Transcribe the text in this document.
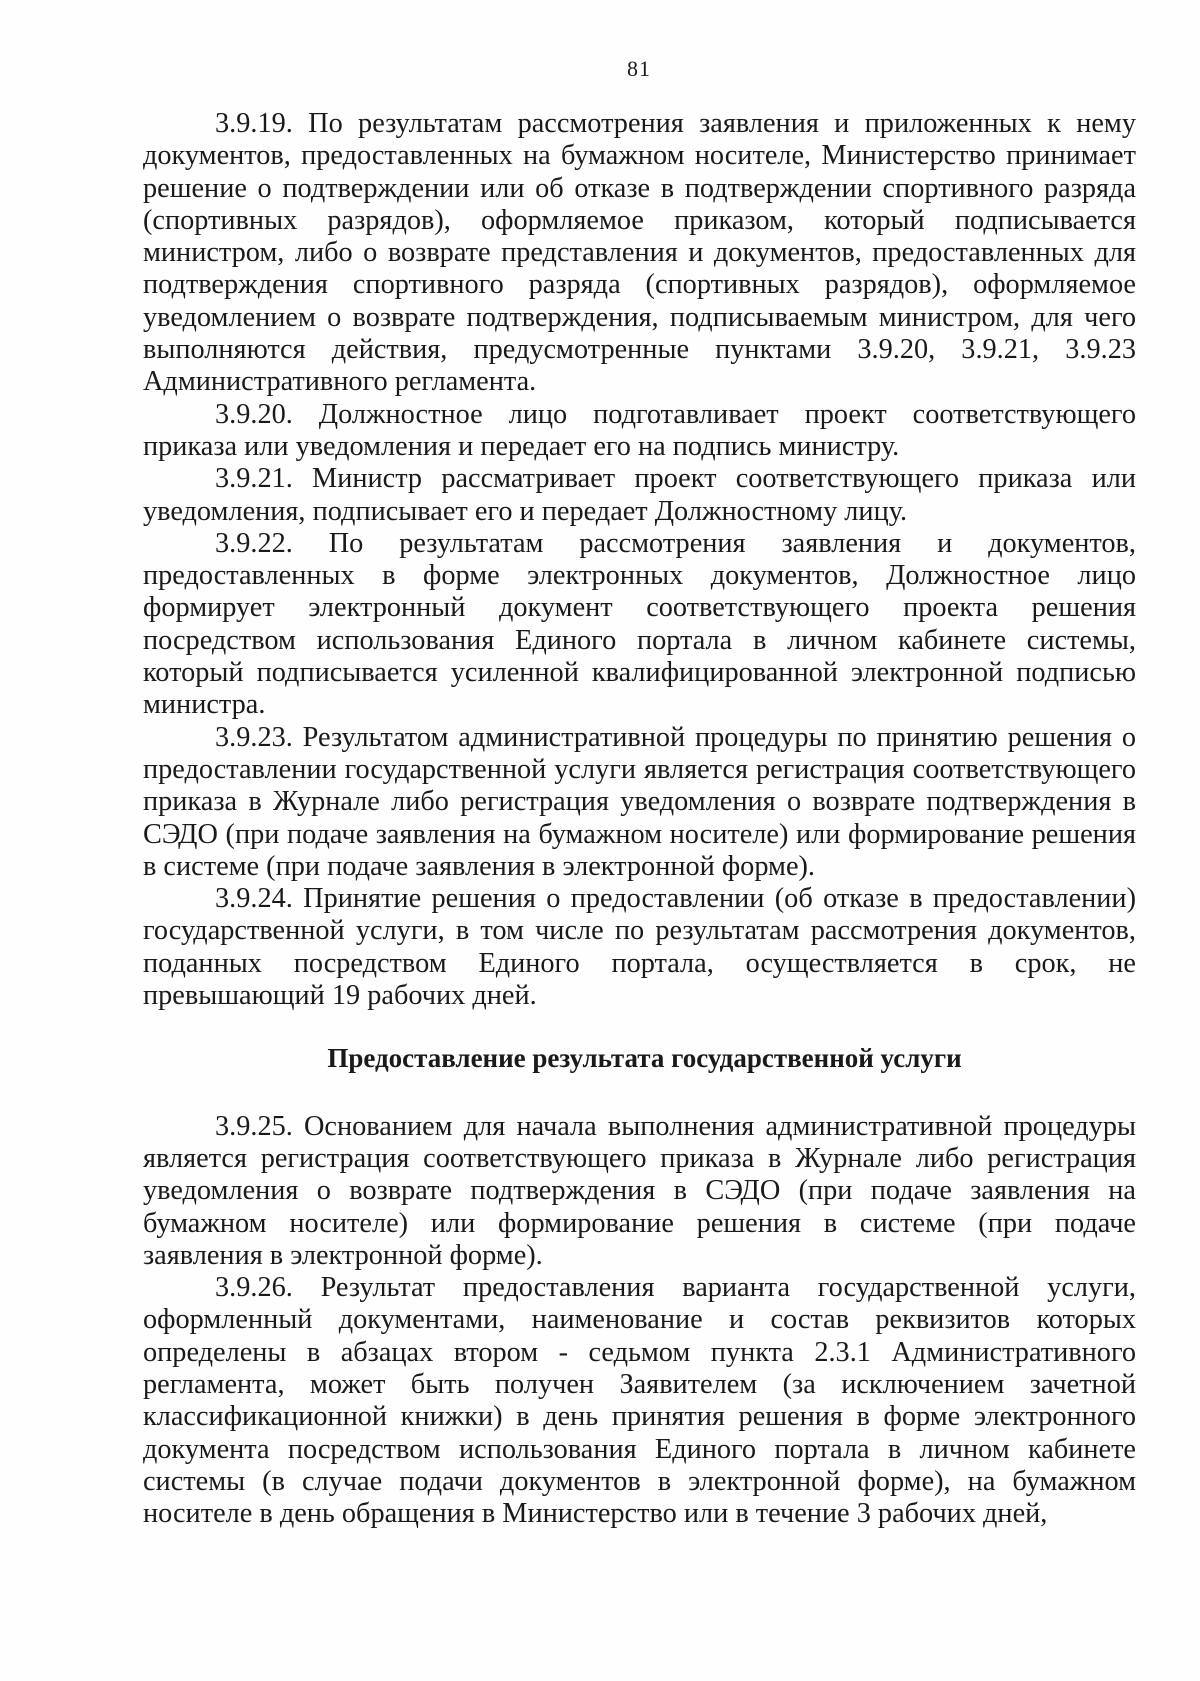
81

3.9.19. По результатам рассмотрения заявления и приложенных к нему документов, предоставленных на бумажном носителе, Министерство принимает решение о подтверждении или об отказе в подтверждении спортивного разряда (спортивных разрядов), оформляемое приказом, который подписывается министром, либо о возврате представления и документов, предоставленных для подтверждения спортивного разряда (спортивных разрядов), оформляемое уведомлением о возврате подтверждения, подписываемым министром, для чего выполняются действия, предусмотренные пунктами 3.9.20, 3.9.21, 3.9.23 Административного регламента.

3.9.20. Должностное лицо подготавливает проект соответствующего приказа или уведомления и передает его на подпись министру.

3.9.21. Министр рассматривает проект соответствующего приказа или уведомления, подписывает его и передает Должностному лицу.

3.9.22. По результатам рассмотрения заявления и документов, предоставленных в форме электронных документов, Должностное лицо формирует электронный документ соответствующего проекта решения посредством использования Единого портала в личном кабинете системы, который подписывается усиленной квалифицированной электронной подписью министра.

3.9.23. Результатом административной процедуры по принятию решения о предоставлении государственной услуги является регистрация соответствующего приказа в Журнале либо регистрация уведомления о возврате подтверждения в СЭДО (при подаче заявления на бумажном носителе) или формирование решения в системе (при подаче заявления в электронной форме).

3.9.24. Принятие решения о предоставлении (об отказе в предоставлении) государственной услуги, в том числе по результатам рассмотрения документов, поданных посредством Единого портала, осуществляется в срок, не превышающий 19 рабочих дней.

Предоставление результата государственной услуги

3.9.25. Основанием для начала выполнения административной процедуры является регистрация соответствующего приказа в Журнале либо регистрация уведомления о возврате подтверждения в СЭДО (при подаче заявления на бумажном носителе) или формирование решения в системе (при подаче заявления в электронной форме).

3.9.26. Результат предоставления варианта государственной услуги, оформленный документами, наименование и состав реквизитов которых определены в абзацах втором - седьмом пункта 2.3.1 Административного регламента, может быть получен Заявителем (за исключением зачетной классификационной книжки) в день принятия решения в форме электронного документа посредством использования Единого портала в личном кабинете системы (в случае подачи документов в электронной форме), на бумажном носителе в день обращения в Министерство или в течение 3 рабочих дней,
